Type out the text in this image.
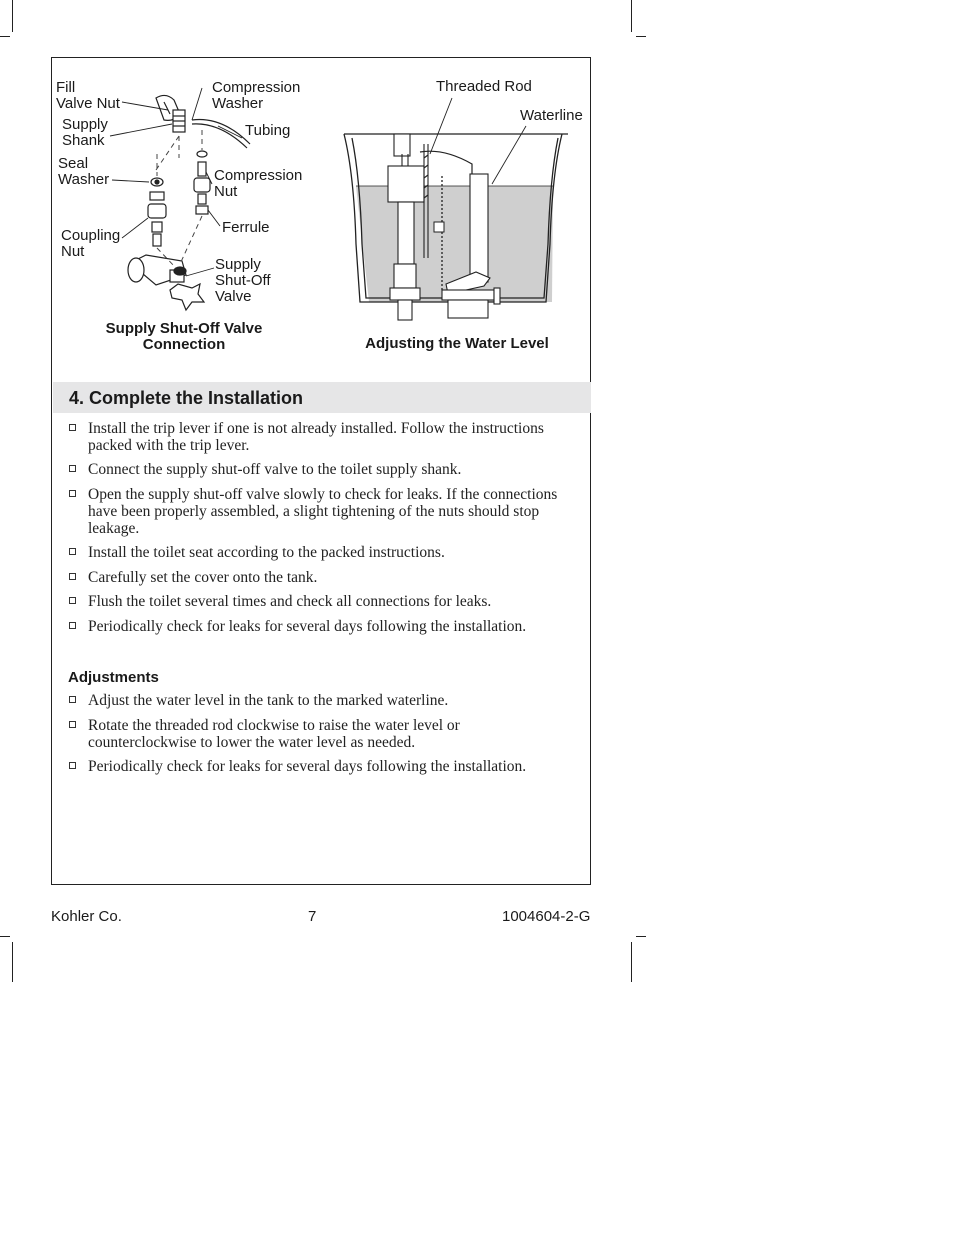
Fill
Valve Nut
Compression
Washer
Supply
Shank
Tubing
Seal
Washer	Compression
Nut
Ferrule
Coupling
Nut
Supply
Shut-Off
Valve
Supply Shut-Off Valve
Connection
Threaded Rod
Waterline
Adjusting the Water Level
4. Complete the Installation
Install the trip lever if one is not already installed. Follow the instructions packed with the trip lever.
Connect the supply shut-off valve to the toilet supply shank.
Open the supply shut-off valve slowly to check for leaks. If the connections have been properly assembled, a slight tightening of the nuts should stop leakage.
Install the toilet seat according to the packed instructions.
Carefully set the cover onto the tank.
Flush the toilet several times and check all connections for leaks.
Periodically check for leaks for several days following the installation.
Adjustments
Adjust the water level in the tank to the marked waterline.
Rotate the threaded rod clockwise to raise the water level or counterclockwise to lower the water level as needed.
Periodically check for leaks for several days following the installation.
Kohler Co.	7	1004604-2-G
